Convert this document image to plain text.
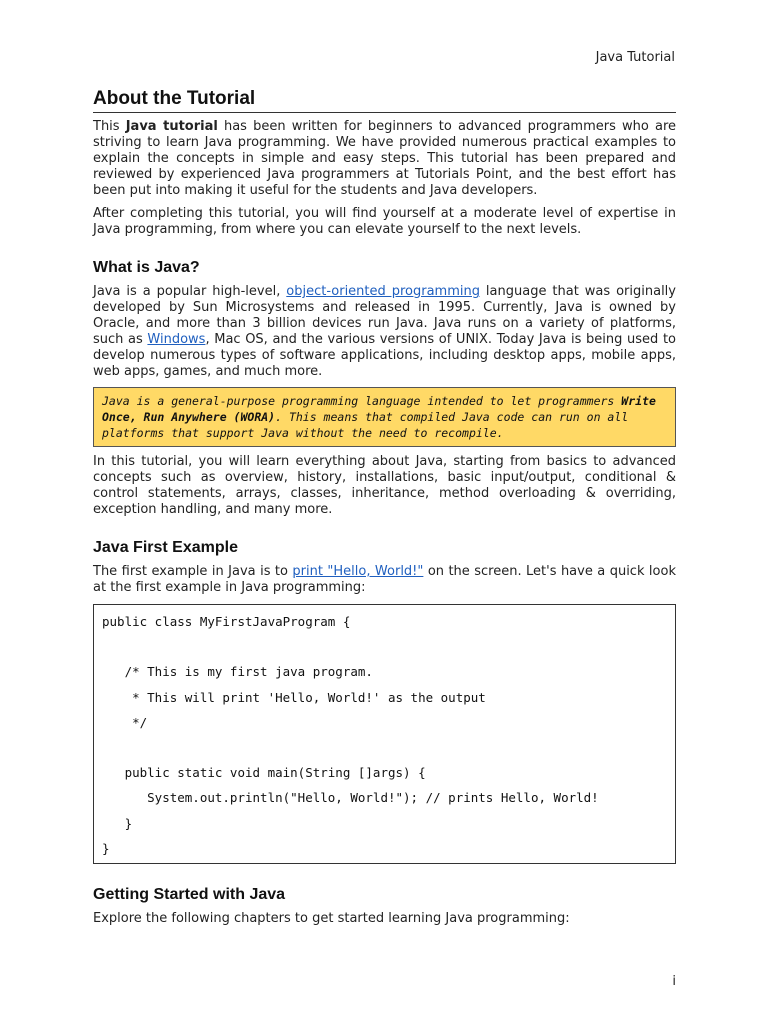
Java Tutorial
About the Tutorial

This Java tutorial has been written for beginners to advanced programmers who are striving to learn Java programming. We have provided numerous practical examples to explain the concepts in simple and easy steps. This tutorial has been prepared and reviewed by experienced Java programmers at Tutorials Point, and the best effort has been put into making it useful for the students and Java developers.

After completing this tutorial, you will find yourself at a moderate level of expertise in Java programming, from where you can elevate yourself to the next levels.

What is Java?

Java is a popular high-level, object-oriented programming language that was originally developed by Sun Microsystems and released in 1995. Currently, Java is owned by Oracle, and more than 3 billion devices run Java. Java runs on a variety of platforms, such as Windows, Mac OS, and the various versions of UNIX. Today Java is being used to develop numerous types of software applications, including desktop apps, mobile apps, web apps, games, and much more.

Java is a general-purpose programming language intended to let programmers Write Once, Run Anywhere (WORA). This means that compiled Java code can run on all platforms that support Java without the need to recompile.

In this tutorial, you will learn everything about Java, starting from basics to advanced concepts such as overview, history, installations, basic input/output, conditional & control statements, arrays, classes, inheritance, method overloading & overriding, exception handling, and many more.

Java First Example

The first example in Java is to print "Hello, World!" on the screen. Let's have a quick look at the first example in Java programming:

public class MyFirstJavaProgram {
/* This is my first java program.
* This will print 'Hello, World!' as the output
*/
public static void main(String []args) {
System.out.println("Hello, World!"); // prints Hello, World!
}
}
Getting Started with Java

Explore the following chapters to get started learning Java programming:

i
